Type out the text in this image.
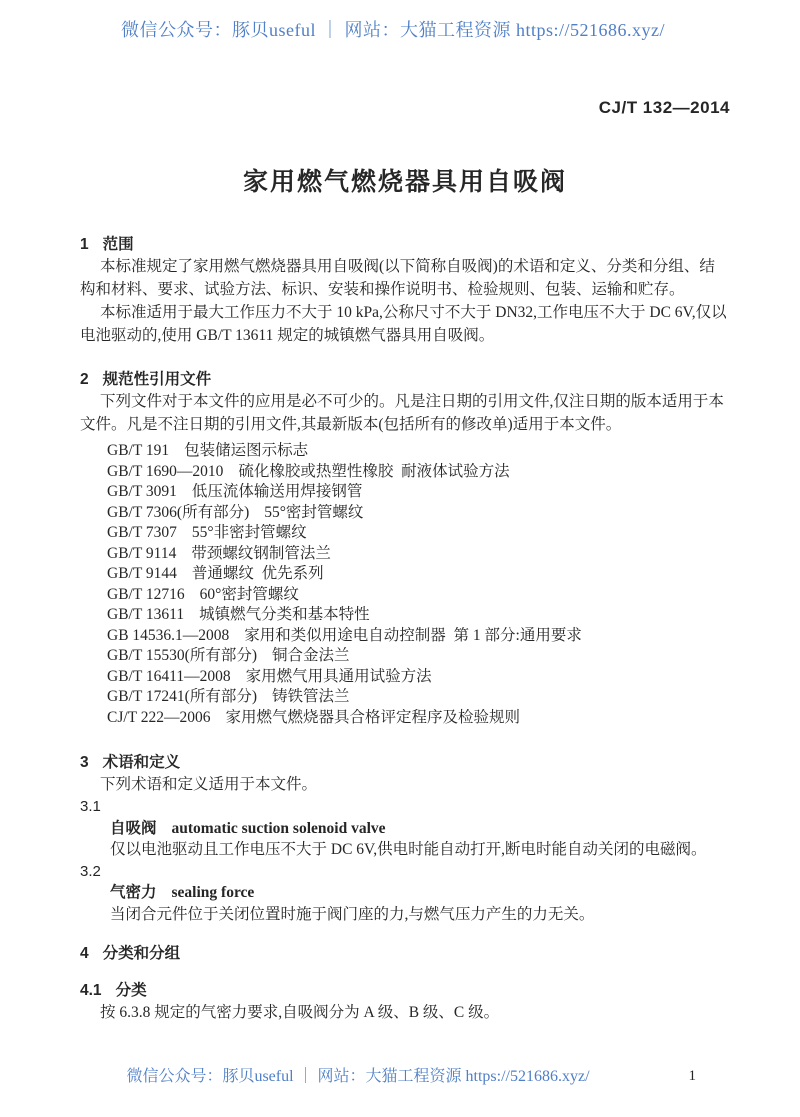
微信公众号：豚贝useful ｜ 网站：大猫工程资源 https://521686.xyz/
CJ/T 132—2014
家用燃气燃烧器具用自吸阀
1 范围

本标准规定了家用燃气燃烧器具用自吸阀(以下简称自吸阀)的术语和定义、分类和分组、结构和材料、要求、试验方法、标识、安装和操作说明书、检验规则、包装、运输和贮存。

本标准适用于最大工作压力不大于 10 kPa,公称尺寸不大于 DN32,工作电压不大于 DC 6V,仅以电池驱动的,使用 GB/T 13611 规定的城镇燃气器具用自吸阀。

2 规范性引用文件

下列文件对于本文件的应用是必不可少的。凡是注日期的引用文件,仅注日期的版本适用于本文件。凡是不注日期的引用文件,其最新版本(包括所有的修改单)适用于本文件。

GB/T 191 包装储运图示标志
GB/T 1690—2010 硫化橡胶或热塑性橡胶  耐液体试验方法
GB/T 3091 低压流体输送用焊接钢管
GB/T 7306(所有部分) 55°密封管螺纹
GB/T 7307 55°非密封管螺纹
GB/T 9114 带颈螺纹钢制管法兰
GB/T 9144 普通螺纹  优先系列
GB/T 12716 60°密封管螺纹
GB/T 13611 城镇燃气分类和基本特性
GB 14536.1—2008 家用和类似用途电自动控制器  第 1 部分:通用要求
GB/T 15530(所有部分) 铜合金法兰
GB/T 16411—2008 家用燃气用具通用试验方法
GB/T 17241(所有部分) 铸铁管法兰
CJ/T 222—2006 家用燃气燃烧器具合格评定程序及检验规则
3 术语和定义

下列术语和定义适用于本文件。

3.1
自吸阀 automatic suction solenoid valve
仅以电池驱动且工作电压不大于 DC 6V,供电时能自动打开,断电时能自动关闭的电磁阀。
3.2
气密力 sealing force
当闭合元件位于关闭位置时施于阀门座的力,与燃气压力产生的力无关。
4 分类和分组
4.1 分类

按 6.3.8 规定的气密力要求,自吸阀分为 A 级、B 级、C 级。

微信公众号：豚贝useful ｜ 网站：大猫工程资源 https://521686.xyz/	1
